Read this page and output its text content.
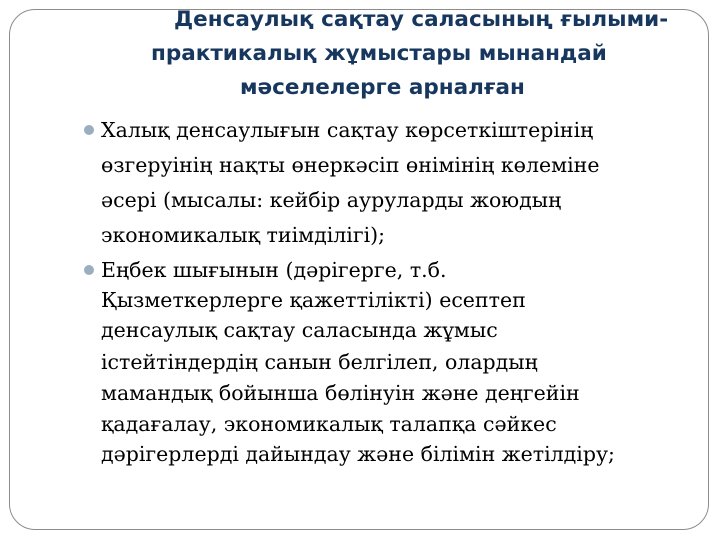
Денсаулық сақтау саласының ғылыми-
практикалық жұмыстары мынандай
мәселелерге арналған
Халық денсаулығын сақтау көрсеткіштерінің
өзгеруінің нақты өнеркәсіп өнімінің көлеміне
әсері (мысалы: кейбір ауруларды жоюдың
экономикалық тиімділігі);
Еңбек шығынын (дәрігерге, т.б.
Қызметкерлерге қажеттілікті) есептеп
денсаулық сақтау саласында жұмыс
істейтіндердің санын белгілеп, олардың
мамандық бойынша бөлінуін және деңгейін
қадағалау, экономикалық талапқа сәйкес
дәрігерлерді дайындау және білімін жетілдіру;
